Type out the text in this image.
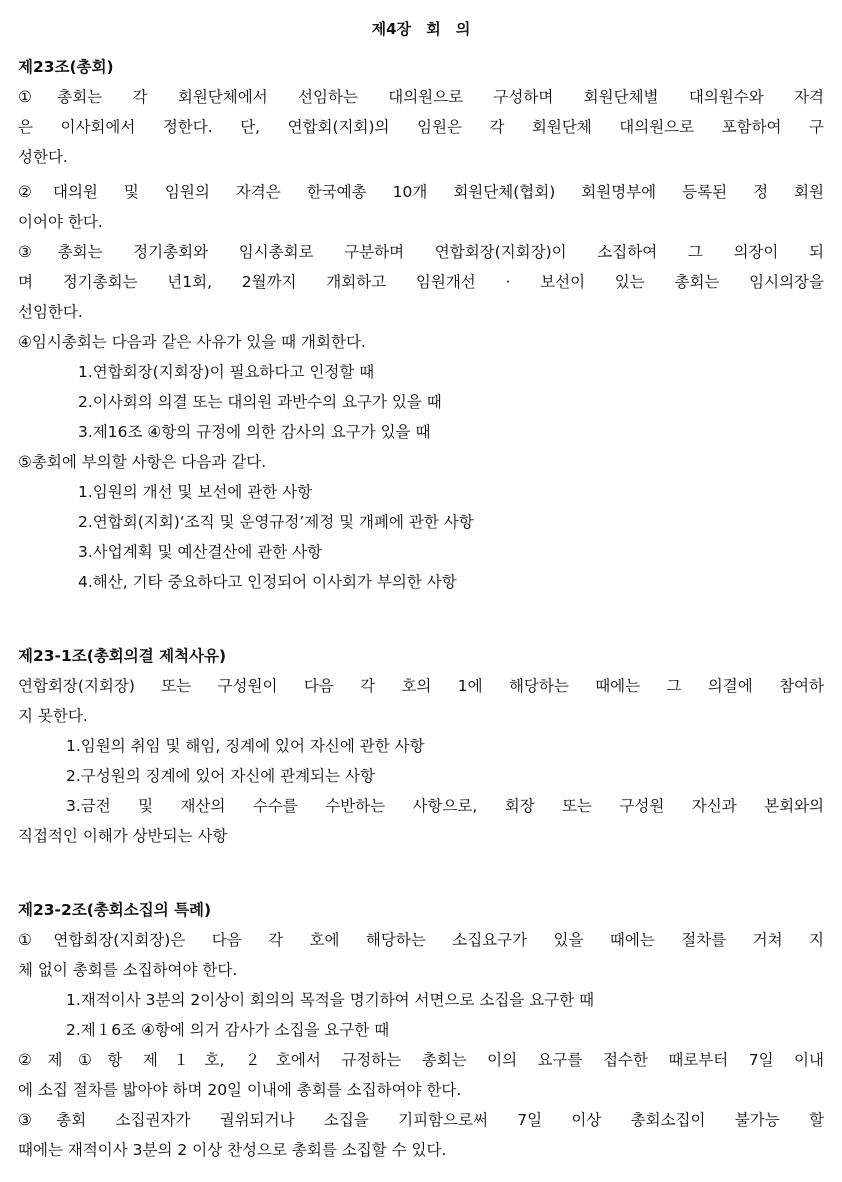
제4장 회 의
제23조(총회)
①총회는 각 회원단체에서 선임하는 대의원으로 구성하며 회원단체별 대의원수와 자격
은 이사회에서 정한다. 단, 연합회(지회)의 임원은 각 회원단체 대의원으로 포함하여 구
성한다.
②대의원 및 임원의 자격은 한국예총 10개 회원단체(협회) 회원명부에 등록된 정 회원
이어야 한다.
③총회는 정기총회와 임시총회로 구분하며 연합회장(지회장)이 소집하여 그 의장이 되
며 정기총회는 년1회, 2월까지 개회하고 임원개선 · 보선이 있는 총회는 임시의장을
선임한다.
④임시총회는 다음과 같은 사유가 있을 때 개회한다.
1.연합회장(지회장)이 필요하다고 인정할 때
2.이사회의 의결 또는 대의원 과반수의 요구가 있을 때
3.제16조 ④항의 규정에 의한 감사의 요구가 있을 때
⑤총회에 부의할 사항은 다음과 같다.
1.임원의 개선 및 보선에 관한 사항
2.연합회(지회)‘조직 및 운영규정’제정 및 개폐에 관한 사항
3.사업계획 및 예산결산에 관한 사항
4.해산, 기타 중요하다고 인정되어 이사회가 부의한 사항
제23-1조(총회의결 제척사유)
연합회장(지회장) 또는 구성원이 다음 각 호의 1에 해당하는 때에는 그 의결에 참여하
지 못한다.
1.임원의 취임 및 해임, 징계에 있어 자신에 관한 사항
2.구성원의 징계에 있어 자신에 관계되는 사항
3.금전 및 재산의 수수를 수반하는 사항으로, 회장 또는 구성원 자신과 본회와의
직접적인 이해가 상반되는 사항
제23-2조(총회소집의 특례)
①연합회장(지회장)은 다음 각 호에 해당하는 소집요구가 있을 때에는 절차를 거쳐 지
체 없이 총회를 소집하여야 한다.
1.재적이사 3분의 2이상이 회의의 목적을 명기하여 서면으로 소집을 요구한 때
2.제１6조 ④항에 의거 감사가 소집을 요구한 때
②제①항 제１호, ２호에서 규정하는 총회는 이의 요구를 접수한 때로부터 7일 이내
에 소집 절차를 밟아야 하며 20일 이내에 총회를 소집하여야 한다.
③총회 소집권자가 궐위되거나 소집을 기피함으로써 7일 이상 총회소집이 불가능 할
때에는 재적이사 3분의 2 이상 찬성으로 총회를 소집할 수 있다.
